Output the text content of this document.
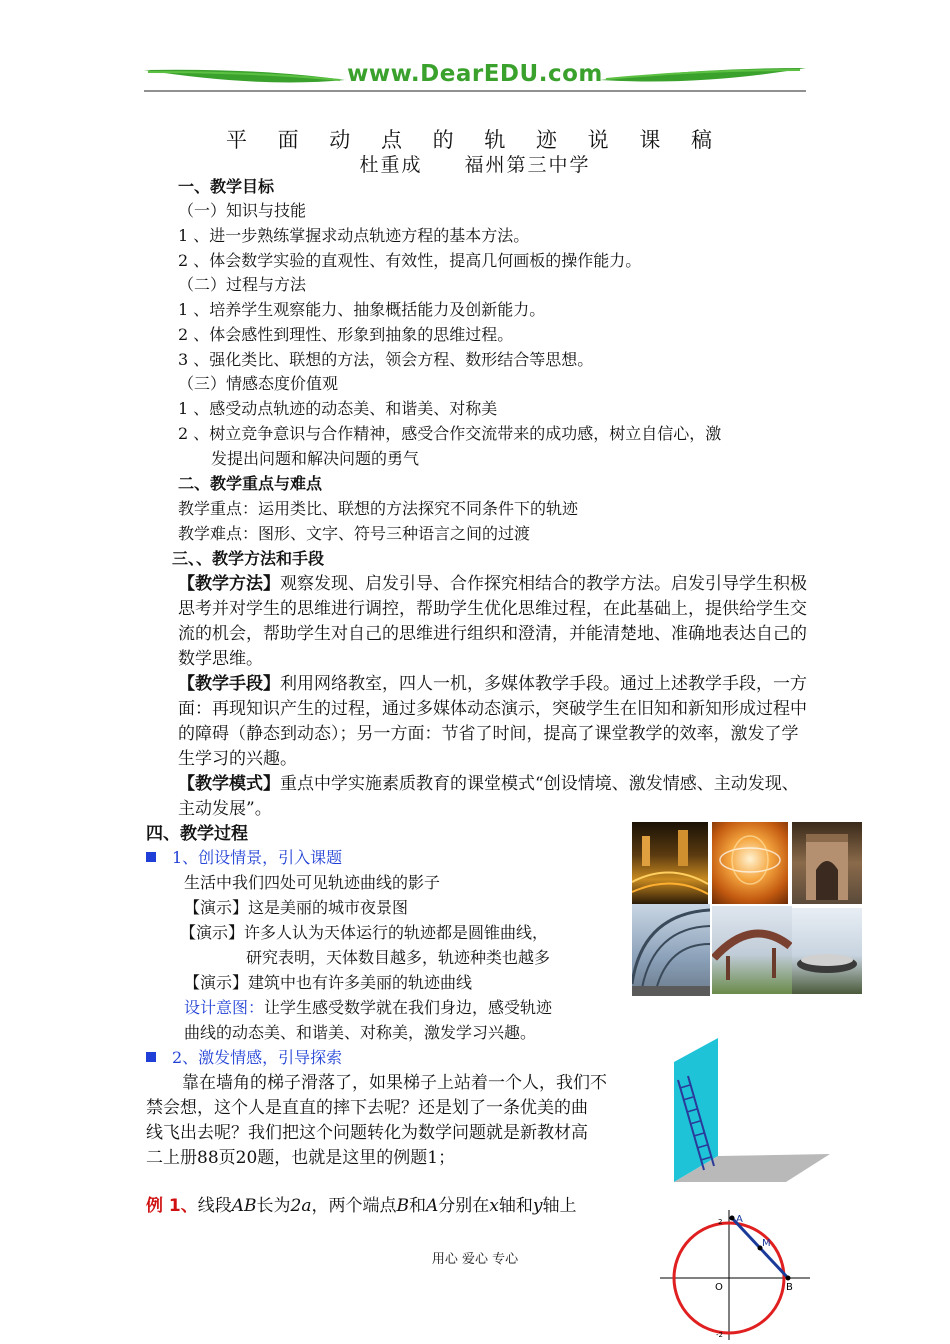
www.DearEDU.com
平 面 动 点 的 轨 迹 说 课 稿
杜重成　　福州第三中学
一、教学目标
（一）知识与技能
1 、进一步熟练掌握求动点轨迹方程的基本方法。
2 、体会数学实验的直观性、有效性，提高几何画板的操作能力。
（二）过程与方法
1 、培养学生观察能力、抽象概括能力及创新能力。
2 、体会感性到理性、形象到抽象的思维过程。
3 、强化类比、联想的方法，领会方程、数形结合等思想。
（三）情感态度价值观
1 、感受动点轨迹的动态美、和谐美、对称美
2 、树立竞争意识与合作精神，感受合作交流带来的成功感，树立自信心，激
发提出问题和解决问题的勇气
二、教学重点与难点
教学重点：运用类比、联想的方法探究不同条件下的轨迹
教学难点：图形、文字、符号三种语言之间的过渡
三、、教学方法和手段
【教学方法】观察发现、启发引导、合作探究相结合的教学方法。启发引导学生积极思考并对学生的思维进行调控，帮助学生优化思维过程，在此基础上，提供给学生交流的机会，帮助学生对自己的思维进行组织和澄清，并能清楚地、准确地表达自己的数学思维。
【教学手段】利用网络教室，四人一机，多媒体教学手段。通过上述教学手段，一方面：再现知识产生的过程，通过多媒体动态演示，突破学生在旧知和新知形成过程中的障碍（静态到动态）；另一方面：节省了时间，提高了课堂教学的效率，激发了学生学习的兴趣。
【教学模式】重点中学实施素质教育的课堂模式“创设情境、激发情感、主动发现、主动发展”。
四、教学过程
1、创设情景，引入课题
生活中我们四处可见轨迹曲线的影子
【演示】这是美丽的城市夜景图
【演示】许多人认为天体运行的轨迹都是圆锥曲线，
研究表明，天体数目越多，轨迹种类也越多
【演示】建筑中也有许多美丽的轨迹曲线
设计意图：让学生感受数学就在我们身边，感受轨迹
曲线的动态美、和谐美、对称美，激发学习兴趣。
2、激发情感，引导探索
靠在墙角的梯子滑落了，如果梯子上站着一个人，我们不
禁会想，这个人是直直的摔下去呢？还是划了一条优美的曲
线飞出去呢？我们把这个问题转化为数学问题就是新教材高
二上册88页20题，也就是这里的例题1；
例 1、线段AB长为2a，两个端点B和A分别在x轴和y轴上
A
M
O	B
2
-2
用心 爱心 专心
